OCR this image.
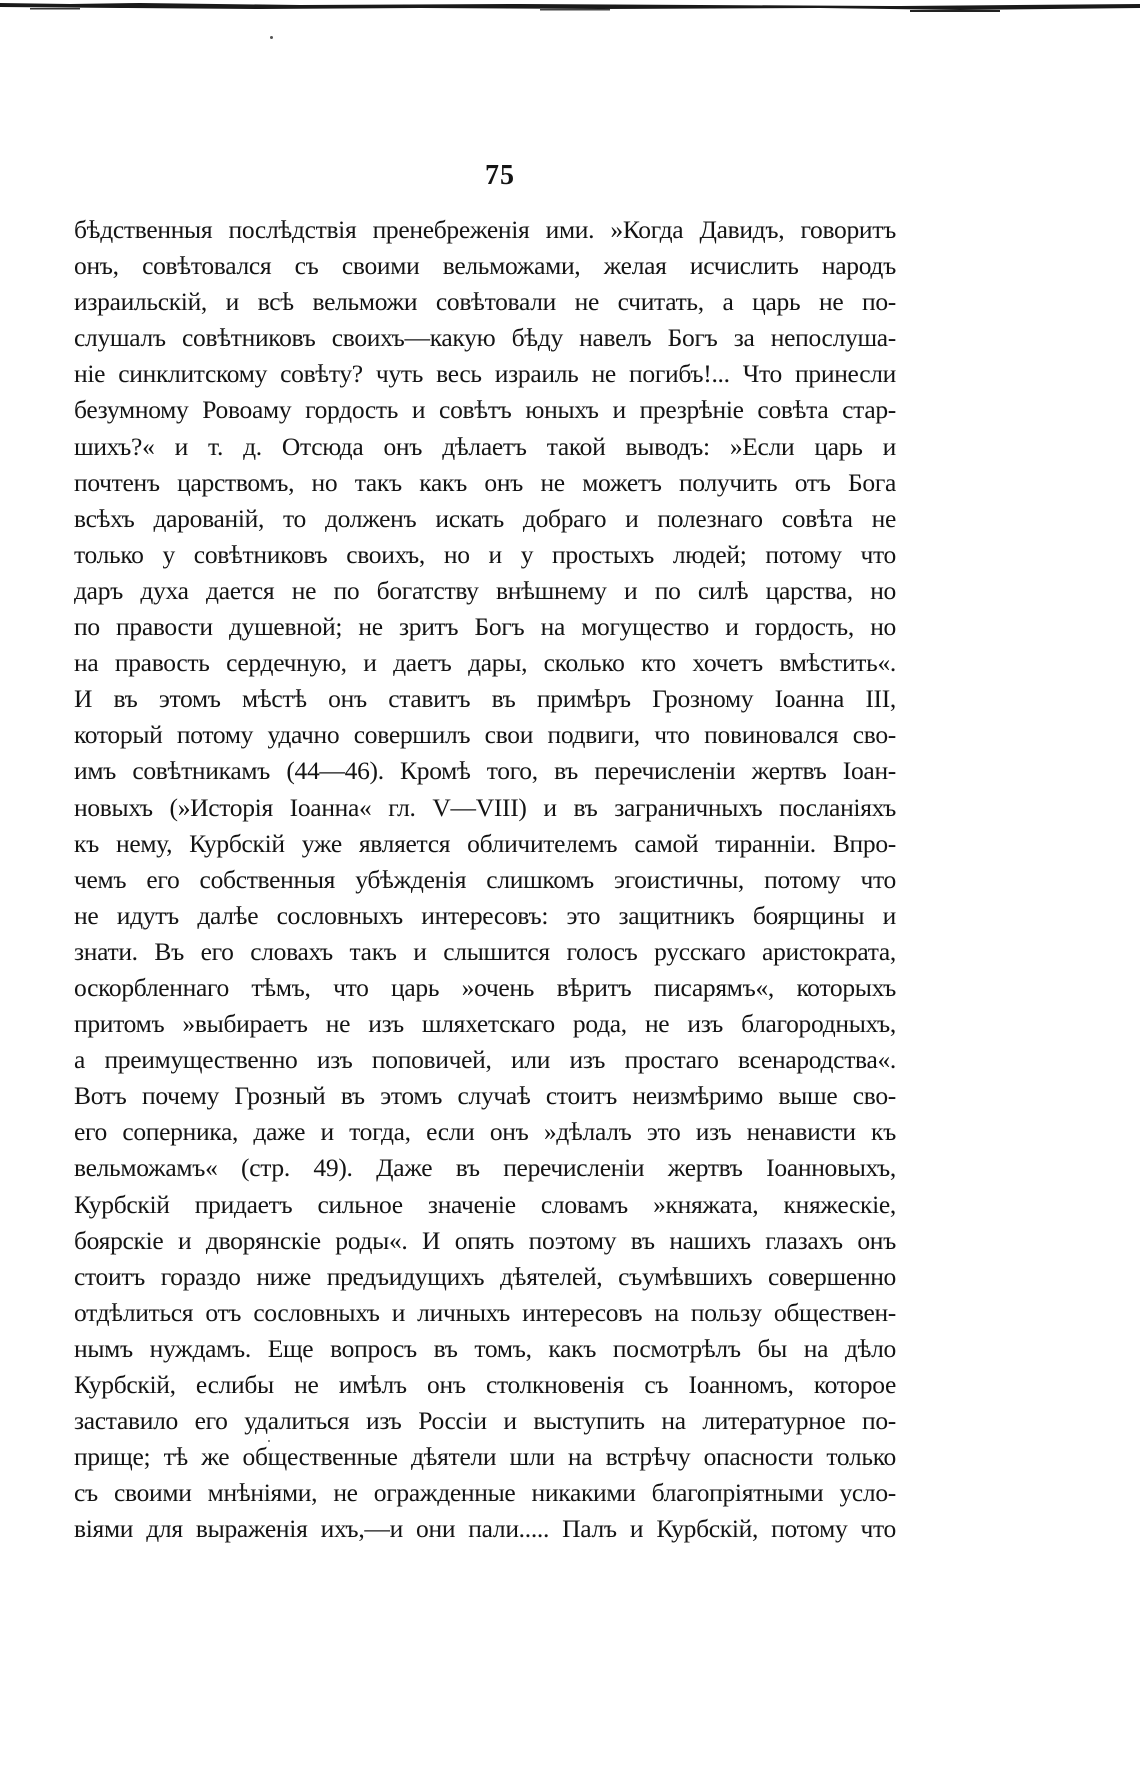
75
бѣдственныя послѣдствія пренебреженія ими. »Когда Давидъ, говоритъ
онъ, совѣтовался съ своими вельможами, желая исчислить народъ
израильскій, и всѣ вельможи совѣтовали не считать, а царь не по-
слушалъ совѣтниковъ своихъ—какую бѣду навелъ Богъ за непослуша-
ніе синклитскому совѣту? чуть весь израиль не погибъ!... Что принесли
безумному Ровоаму гордость и совѣтъ юныхъ и презрѣніе совѣта стар-
шихъ?« и т. д. Отсюда онъ дѣлаетъ такой выводъ: »Если царь и
почтенъ царствомъ, но такъ какъ онъ не можетъ получить отъ Бога
всѣхъ дарованій, то долженъ искать добраго и полезнаго совѣта не
только у совѣтниковъ своихъ, но и у простыхъ людей; потому что
даръ духа дается не по богатству внѣшнему и по силѣ царства, но
по правости душевной; не зритъ Богъ на могущество и гордость, но
на правость сердечную, и даетъ дары, сколько кто хочетъ вмѣстить«.
И въ этомъ мѣстѣ онъ ставитъ въ примѣръ Грозному Іоанна III,
который потому удачно совершилъ свои подвиги, что повиновался сво-
имъ совѣтникамъ (44—46). Кромѣ того, въ перечисленіи жертвъ Іоан-
новыхъ (»Исторія Іоанна« гл. V—VIII) и въ заграничныхъ посланіяхъ
къ нему, Курбскій уже является обличителемъ самой тиранніи. Впро-
чемъ его собственныя убѣжденія слишкомъ эгоистичны, потому что
не идутъ далѣе сословныхъ интересовъ: это защитникъ боярщины и
знати. Въ его словахъ такъ и слышится голосъ русскаго аристократа,
оскорбленнаго тѣмъ, что царь »очень вѣритъ писарямъ«, которыхъ
притомъ »выбираетъ не изъ шляхетскаго рода, не изъ благородныхъ,
а преимущественно изъ поповичей, или изъ простаго всенародства«.
Вотъ почему Грозный въ этомъ случаѣ стоитъ неизмѣримо выше сво-
его соперника, даже и тогда, если онъ »дѣлалъ это изъ ненависти къ
вельможамъ« (стр. 49). Даже въ перечисленіи жертвъ Іоанновыхъ,
Курбскій придаетъ сильное значеніе словамъ »княжата, княжескіе,
боярскіе и дворянскіе роды«. И опять поэтому въ нашихъ глазахъ онъ
стоитъ гораздо ниже предъидущихъ дѣятелей, съумѣвшихъ совершенно
отдѣлиться отъ сословныхъ и личныхъ интересовъ на пользу обществен-
нымъ нуждамъ. Еще вопросъ въ томъ, какъ посмотрѣлъ бы на дѣло
Курбскій, еслибы не имѣлъ онъ столкновенія съ Іоанномъ, которое
заставило его удалиться изъ Россіи и выступить на литературное по-
прище; тѣ же общественные дѣятели шли на встрѣчу опасности только
съ своими мнѣніями, не огражденные никакими благопріятными усло-
віями для выраженія ихъ,—и они пали..... Палъ и Курбскій, потому что
